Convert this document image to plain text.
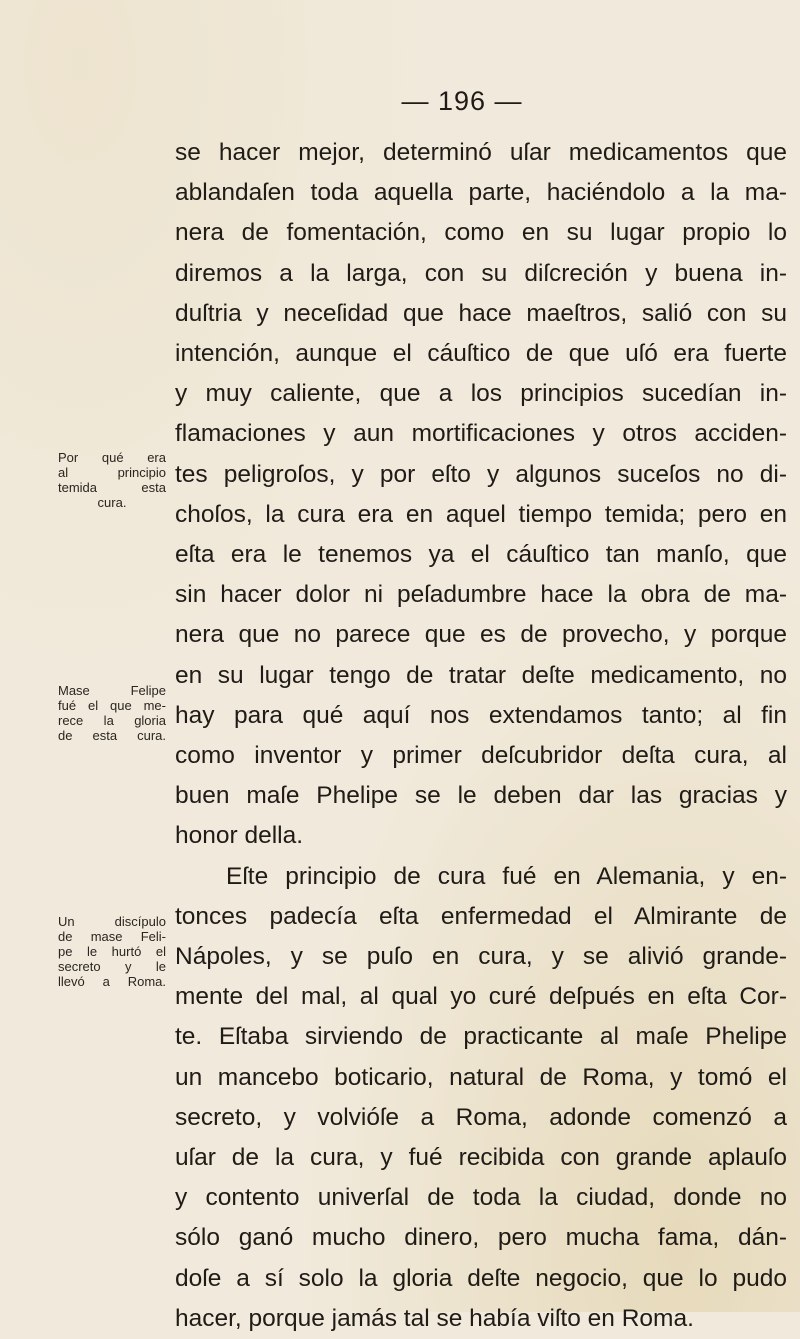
— 196 —
se hacer mejor, determinó uſar medicamentos que
ablandaſen toda aquella parte, haciéndolo a la ma-
nera de fomentación, como en su lugar propio lo
diremos a la larga, con su diſcreción y buena in-
duſtria y neceſidad que hace maeſtros, salió con su
intención, aunque el cáuſtico de que uſó era fuerte
y muy caliente, que a los principios sucedían in-
flamaciones y aun mortificaciones y otros acciden-
tes peligroſos, y por eſto y algunos suceſos no di-
choſos, la cura era en aquel tiempo temida; pero en
eſta era le tenemos ya el cáuſtico tan manſo, que
sin hacer dolor ni peſadumbre hace la obra de ma-
nera que no parece que es de provecho, y porque
en su lugar tengo de tratar deſte medicamento, no
hay para qué aquí nos extendamos tanto; al fin
como inventor y primer deſcubridor deſta cura, al
buen maſe Phelipe se le deben dar las gracias y
honor della.
Eſte principio de cura fué en Alemania, y en-
tonces padecía eſta enfermedad el Almirante de
Nápoles, y se puſo en cura, y se alivió grande-
mente del mal, al qual yo curé deſpués en eſta Cor-
te. Eſtaba sirviendo de practicante al maſe Phelipe
un mancebo boticario, natural de Roma, y tomó el
secreto, y volvióſe a Roma, adonde comenzó a
uſar de la cura, y fué recibida con grande aplauſo
y contento univerſal de toda la ciudad, donde no
sólo ganó mucho dinero, pero mucha fama, dán-
doſe a sí solo la gloria deſte negocio, que lo pudo
hacer, porque jamás tal se había viſto en Roma.
Por qué era
al principio
temida esta
cura.
Mase Felipe
fué el que me-
rece la gloria
de esta cura.
Un discípulo
de mase Feli-
pe le hurtó el
secreto y le
llevó a Roma.
